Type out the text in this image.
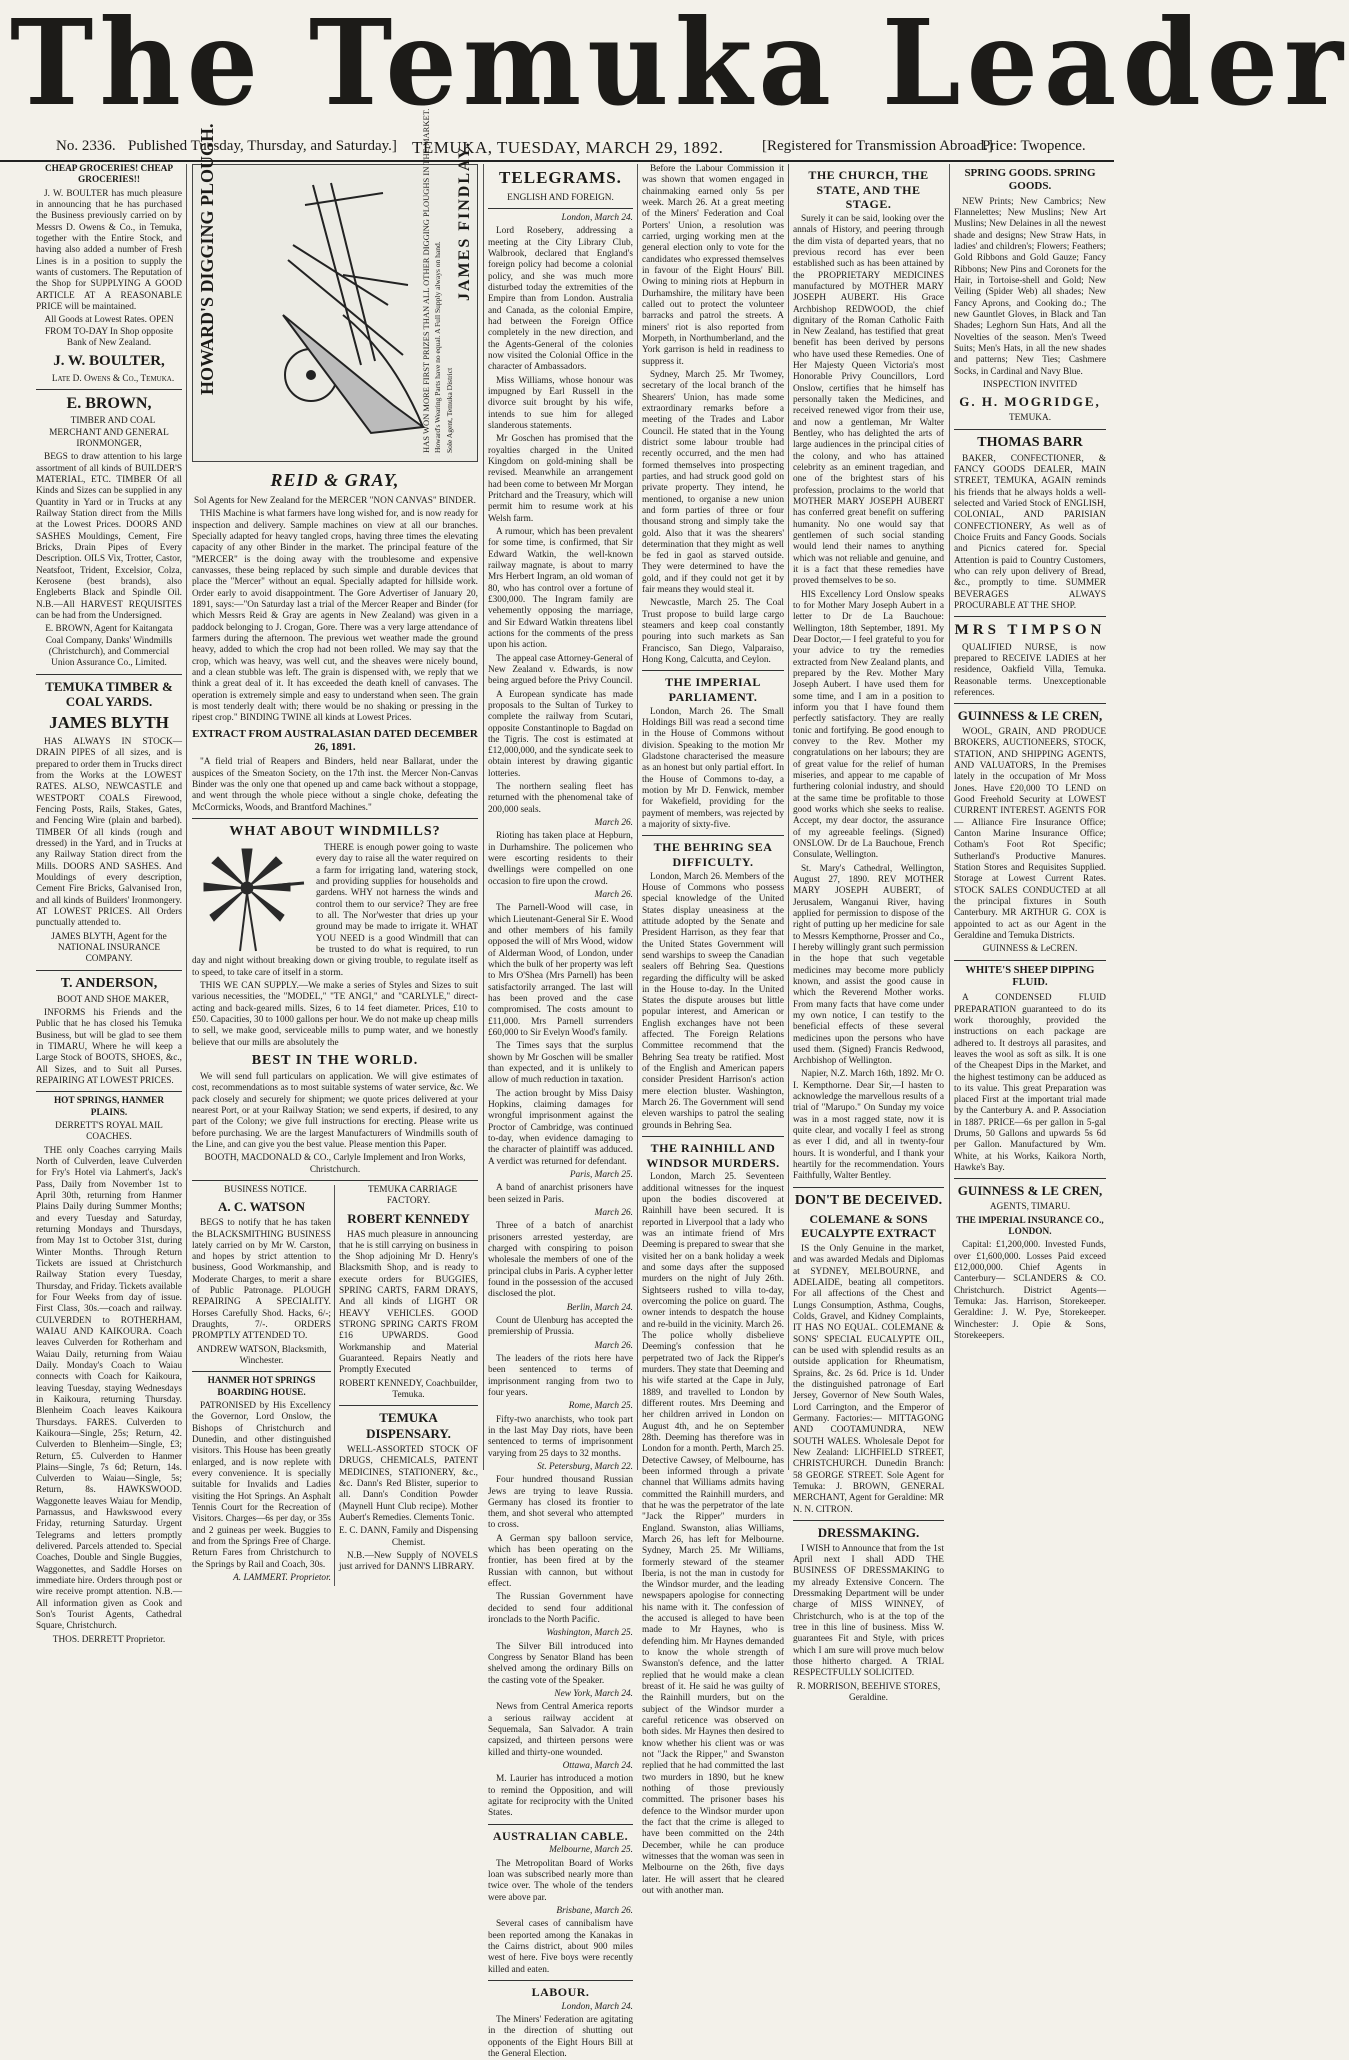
The Temuka Leader
No. 2336. Published Tuesday, Thursday, and Saturday.] TEMUKA, TUESDAY, MARCH 29, 1892.	[Registered for Transmission Abroad.]
Price: Twopence.

CHEAP GROCERIES! CHEAP GROCERIES!!

J. W. BOULTER has much pleasure in announcing that he has purchased the Business previously carried on by Messrs D. Owens & Co., in Temuka, together with the Entire Stock, and having also added a number of Fresh Lines is in a position to supply the wants of customers. The Reputation of the Shop for SUPPLYING A GOOD ARTICLE AT A REASONABLE PRICE will be maintained.

All Goods at Lowest Rates. OPEN FROM TO-DAY In Shop opposite Bank of New Zealand.

J. W. BOULTER,

Late D. Owens & Co., Temuka.

E. BROWN,

TIMBER AND COAL MERCHANT AND GENERAL IRONMONGER,

BEGS to draw attention to his large assortment of all kinds of BUILDER'S MATERIAL, ETC. TIMBER Of all Kinds and Sizes can be supplied in any Quantity in Yard or in Trucks at any Railway Station direct from the Mills at the Lowest Prices. DOORS AND SASHES Mouldings, Cement, Fire Bricks, Drain Pipes of Every Description. OILS Vix, Trotter, Castor, Neatsfoot, Trident, Excelsior, Colza, Kerosene (best brands), also Engleberts Black and Spindle Oil. N.B.—All HARVEST REQUISITES can be had from the Undersigned.

E. BROWN, Agent for Kaitangata Coal Company, Danks' Windmills (Christchurch), and Commercial Union Assurance Co., Limited.

TEMUKA TIMBER & COAL YARDS.
JAMES BLYTH

HAS ALWAYS IN STOCK— DRAIN PIPES of all sizes, and is prepared to order them in Trucks direct from the Works at the LOWEST RATES. ALSO, NEWCASTLE and WESTPORT COALS Firewood, Fencing Posts, Rails, Stakes, Gates, and Fencing Wire (plain and barbed). TIMBER Of all kinds (rough and dressed) in the Yard, and in Trucks at any Railway Station direct from the Mills. DOORS AND SASHES. And Mouldings of every description, Cement Fire Bricks, Galvanised Iron, and all kinds of Builders' Ironmongery. AT LOWEST PRICES. All Orders punctually attended to.

JAMES BLYTH, Agent for the NATIONAL INSURANCE COMPANY.

T. ANDERSON,

BOOT AND SHOE MAKER,

INFORMS his Friends and the Public that he has closed his Temuka Business, but will be glad to see them in TIMARU, Where he will keep a Large Stock of BOOTS, SHOES, &c., All Sizes, and to Suit all Purses. REPAIRING AT LOWEST PRICES.

HOT SPRINGS, HANMER PLAINS.

DERRETT'S ROYAL MAIL COACHES.

THE only Coaches carrying Mails North of Culverden, leave Culverden for Fry's Hotel via Lahmert's, Jack's Pass, Daily from November 1st to April 30th, returning from Hanmer Plains Daily during Summer Months; and every Tuesday and Saturday, returning Mondays and Thursdays, from May 1st to October 31st, during Winter Months. Through Return Tickets are issued at Christchurch Railway Station every Tuesday, Thursday, and Friday. Tickets available for Four Weeks from day of issue. First Class, 30s.—coach and railway. CULVERDEN to ROTHERHAM, WAIAU AND KAIKOURA. Coach leaves Culverden for Rotherham and Waiau Daily, returning from Waiau Daily. Monday's Coach to Waiau connects with Coach for Kaikoura, leaving Tuesday, staying Wednesdays in Kaikoura, returning Thursday. Blenheim Coach leaves Kaikoura Thursdays. FARES. Culverden to Kaikoura—Single, 25s; Return, 42. Culverden to Blenheim—Single, £3; Return, £5. Culverden to Hanmer Plains—Single, 7s 6d; Return, 14s. Culverden to Waiau—Single, 5s; Return, 8s. HAWKSWOOD. Waggonette leaves Waiau for Mendip, Parnassus, and Hawkswood every Friday, returning Saturday. Urgent Telegrams and letters promptly delivered. Parcels attended to. Special Coaches, Double and Single Buggies, Waggonettes, and Saddle Horses on immediate hire. Orders through post or wire receive prompt attention. N.B.—All information given as Cook and Son's Tourist Agents, Cathedral Square, Christchurch.

THOS. DERRETT Proprietor.

HOWARD'S DIGGING PLOUGH.	HAS WON MORE FIRST PRIZES THAN ALL OTHER DIGGING PLOUGHS IN THE MARKET. Howard's Wearing Parts have no equal. A Full Supply always on hand. Sole Agent, Temuka District
JAMES FINDLAY.
REID & GRAY,

Sol Agents for New Zealand for the MERCER "NON CANVAS" BINDER.

THIS Machine is what farmers have long wished for, and is now ready for inspection and delivery. Sample machines on view at all our branches. Specially adapted for heavy tangled crops, having three times the elevating capacity of any other Binder in the market. The principal feature of the "MERCER" is the doing away with the troublesome and expensive canvasses, these being replaced by such simple and durable devices that place the "Mercer" without an equal. Specially adapted for hillside work. Order early to avoid disappointment. The Gore Advertiser of January 20, 1891, says:—"On Saturday last a trial of the Mercer Reaper and Binder (for which Messrs Reid & Gray are agents in New Zealand) was given in a paddock belonging to J. Crogan, Gore. There was a very large attendance of farmers during the afternoon. The previous wet weather made the ground heavy, added to which the crop had not been rolled. We may say that the crop, which was heavy, was well cut, and the sheaves were nicely bound, and a clean stubble was left. The grain is dispensed with, we reply that we think a great deal of it. It has exceeded the death knell of canvases. The operation is extremely simple and easy to understand when seen. The grain is most tenderly dealt with; there would be no shaking or pressing in the ripest crop." BINDING TWINE all kinds at Lowest Prices.

EXTRACT FROM AUSTRALASIAN DATED DECEMBER 26, 1891.

"A field trial of Reapers and Binders, held near Ballarat, under the auspices of the Smeaton Society, on the 17th inst. the Mercer Non-Canvas Binder was the only one that opened up and came back without a stoppage, and went through the whole piece without a single choke, defeating the McCormicks, Woods, and Brantford Machines."

WHAT ABOUT WINDMILLS?

THERE is enough power going to waste every day to raise all the water required on a farm for irrigating land, watering stock, and providing supplies for households and gardens. WHY not harness the winds and control them to our service? They are free to all. The Nor'wester that dries up your ground may be made to irrigate it. WHAT YOU NEED is a good Windmill that can be trusted to do what is required, to run day and night without breaking down or giving trouble, to regulate itself as to speed, to take care of itself in a storm.

THIS WE CAN SUPPLY.—We make a series of Styles and Sizes to suit various necessities, the "MODEL," "TE ANGI," and "CARLYLE," direct-acting and back-geared mills. Sizes, 6 to 14 feet diameter. Prices, £10 to £50. Capacities, 30 to 1000 gallons per hour. We do not make up cheap mills to sell, we make good, serviceable mills to pump water, and we honestly believe that our mills are absolutely the

BEST IN THE WORLD.

We will send full particulars on application. We will give estimates of cost, recommendations as to most suitable systems of water service, &c. We pack closely and securely for shipment; we quote prices delivered at your nearest Port, or at your Railway Station; we send experts, if desired, to any part of the Colony; we give full instructions for erecting. Please write us before purchasing. We are the largest Manufacturers of Windmills south of the Line, and can give you the best value. Please mention this Paper.

BOOTH, MACDONALD & CO., Carlyle Implement and Iron Works, Christchurch.

BUSINESS NOTICE.

A. C. WATSON

BEGS to notify that he has taken the BLACKSMITHING BUSINESS lately carried on by Mr W. Carston, and hopes by strict attention to business, Good Workmanship, and Moderate Charges, to merit a share of Public Patronage. PLOUGH REPAIRING A SPECIALITY. Horses Carefully Shod. Hacks, 6/-; Draughts, 7/-. ORDERS PROMPTLY ATTENDED TO.

ANDREW WATSON, Blacksmith, Winchester.

HANMER HOT SPRINGS BOARDING HOUSE.

PATRONISED by His Excellency the Governor, Lord Onslow, the Bishops of Christchurch and Dunedin, and other distinguished visitors. This House has been greatly enlarged, and is now replete with every convenience. It is specially suitable for Invalids and Ladies visiting the Hot Springs. An Asphalt Tennis Court for the Recreation of Visitors. Charges—6s per day, or 35s and 2 guineas per week. Buggies to and from the Springs Free of Charge. Return Fares from Christchurch to the Springs by Rail and Coach, 30s.

A. LAMMERT. Proprietor.

TEMUKA CARRIAGE FACTORY.

ROBERT KENNEDY

HAS much pleasure in announcing that he is still carrying on business in the Shop adjoining Mr D. Henry's Blacksmith Shop, and is ready to execute orders for BUGGIES, SPRING CARTS, FARM DRAYS, And all kinds of LIGHT OR HEAVY VEHICLES. GOOD STRONG SPRING CARTS FROM £16 UPWARDS. Good Workmanship and Material Guaranteed. Repairs Neatly and Promptly Executed

ROBERT KENNEDY, Coachbuilder, Temuka.

TEMUKA DISPENSARY.

WELL-ASSORTED STOCK OF DRUGS, CHEMICALS, PATENT MEDICINES, STATIONERY, &c., &c. Dann's Red Blister, superior to all. Dann's Condition Powder (Maynell Hunt Club recipe). Mother Aubert's Remedies. Clements Tonic.

E. C. DANN, Family and Dispensing Chemist.

N.B.—New Supply of NOVELS just arrived for DANN'S LIBRARY.

TELEGRAMS.

ENGLISH AND FOREIGN.

London, March 24.

Lord Rosebery, addressing a meeting at the City Library Club, Walbrook, declared that England's foreign policy had become a colonial policy, and she was much more disturbed today the extremities of the Empire than from London. Australia and Canada, as the colonial Empire, had between the Foreign Office completely in the new direction, and the Agents-General of the colonies now visited the Colonial Office in the character of Ambassadors.

Miss Williams, whose honour was impugned by Earl Russell in the divorce suit brought by his wife, intends to sue him for alleged slanderous statements.

Mr Goschen has promised that the royalties charged in the United Kingdom on gold-mining shall be revised. Meanwhile an arrangement had been come to between Mr Morgan Pritchard and the Treasury, which will permit him to resume work at his Welsh farm.

A rumour, which has been prevalent for some time, is confirmed, that Sir Edward Watkin, the well-known railway magnate, is about to marry Mrs Herbert Ingram, an old woman of 80, who has control over a fortune of £300,000. The Ingram family are vehemently opposing the marriage, and Sir Edward Watkin threatens libel actions for the comments of the press upon his action.

The appeal case Attorney-General of New Zealand v. Edwards, is now being argued before the Privy Council.

A European syndicate has made proposals to the Sultan of Turkey to complete the railway from Scutari, opposite Constantinople to Bagdad on the Tigris. The cost is estimated at £12,000,000, and the syndicate seek to obtain interest by drawing gigantic lotteries.

The northern sealing fleet has returned with the phenomenal take of 200,000 seals.

March 26.

Rioting has taken place at Hepburn, in Durhamshire. The policemen who were escorting residents to their dwellings were compelled on one occasion to fire upon the crowd.

March 26.

The Parnell-Wood will case, in which Lieutenant-General Sir E. Wood and other members of his family opposed the will of Mrs Wood, widow of Alderman Wood, of London, under which the bulk of her property was left to Mrs O'Shea (Mrs Parnell) has been satisfactorily arranged. The last will has been proved and the case compromised. The costs amount to £11,000. Mrs Parnell surrenders £60,000 to Sir Evelyn Wood's family.

The Times says that the surplus shown by Mr Goschen will be smaller than expected, and it is unlikely to allow of much reduction in taxation.

The action brought by Miss Daisy Hopkins, claiming damages for wrongful imprisonment against the Proctor of Cambridge, was continued to-day, when evidence damaging to the character of plaintiff was adduced. A verdict was returned for defendant.

Paris, March 25.

A band of anarchist prisoners have been seized in Paris.

March 26.

Three of a batch of anarchist prisoners arrested yesterday, are charged with conspiring to poison wholesale the members of one of the principal clubs in Paris. A cypher letter found in the possession of the accused disclosed the plot.

Berlin, March 24.

Count de Ulenburg has accepted the premiership of Prussia.

March 26.

The leaders of the riots here have been sentenced to terms of imprisonment ranging from two to four years.

Rome, March 25.

Fifty-two anarchists, who took part in the last May Day riots, have been sentenced to terms of imprisonment varying from 25 days to 32 months.

St. Petersburg, March 22.

Four hundred thousand Russian Jews are trying to leave Russia. Germany has closed its frontier to them, and shot several who attempted to cross.

A German spy balloon service, which has been operating on the frontier, has been fired at by the Russian with cannon, but without effect.

The Russian Government have decided to send four additional ironclads to the North Pacific.

Washington, March 25.

The Silver Bill introduced into Congress by Senator Bland has been shelved among the ordinary Bills on the casting vote of the Speaker.

New York, March 24.

News from Central America reports a serious railway accident at Sequemala, San Salvador. A train capsized, and thirteen persons were killed and thirty-one wounded.

Ottawa, March 24.

M. Laurier has introduced a motion to remind the Opposition, and will agitate for reciprocity with the United States.

AUSTRALIAN CABLE.

Melbourne, March 25.

The Metropolitan Board of Works loan was subscribed nearly more than twice over. The whole of the tenders were above par.

Brisbane, March 26.

Several cases of cannibalism have been reported among the Kanakas in the Cairns district, about 900 miles west of here. Five boys were recently killed and eaten.

LABOUR.

London, March 24.

The Miners' Federation are agitating in the direction of shutting out opponents of the Eight Hours Bill at the General Election.

Before the Labour Commission it was shown that women engaged in chainmaking earned only 5s per week. March 26. At a great meeting of the Miners' Federation and Coal Porters' Union, a resolution was carried, urging working men at the general election only to vote for the candidates who expressed themselves in favour of the Eight Hours' Bill. Owing to mining riots at Hepburn in Durhamshire, the military have been called out to protect the volunteer barracks and patrol the streets. A miners' riot is also reported from Morpeth, in Northumberland, and the York garrison is held in readiness to suppress it.

Sydney, March 25. Mr Twomey, secretary of the local branch of the Shearers' Union, has made some extraordinary remarks before a meeting of the Trades and Labor Council. He stated that in the Young district some labour trouble had recently occurred, and the men had formed themselves into prospecting parties, and had struck good gold on private property. They intend, he mentioned, to organise a new union and form parties of three or four thousand strong and simply take the gold. Also that it was the shearers' determination that they might as well be fed in gaol as starved outside. They were determined to have the gold, and if they could not get it by fair means they would steal it.

Newcastle, March 25. The Coal Trust propose to build large cargo steamers and keep coal constantly pouring into such markets as San Francisco, San Diego, Valparaiso, Hong Kong, Calcutta, and Ceylon.

THE IMPERIAL PARLIAMENT.

London, March 26. The Small Holdings Bill was read a second time in the House of Commons without division. Speaking to the motion Mr Gladstone characterised the measure as an honest but only partial effort. In the House of Commons to-day, a motion by Mr D. Fenwick, member for Wakefield, providing for the payment of members, was rejected by a majority of sixty-five.

THE BEHRING SEA DIFFICULTY.

London, March 26. Members of the House of Commons who possess special knowledge of the United States display uneasiness at the attitude adopted by the Senate and President Harrison, as they fear that the United States Government will send warships to sweep the Canadian sealers off Behring Sea. Questions regarding the difficulty will be asked in the House to-day. In the United States the dispute arouses but little popular interest, and American or English exchanges have not been affected. The Foreign Relations Committee recommend that the Behring Sea treaty be ratified. Most of the English and American papers consider President Harrison's action mere election bluster. Washington, March 26. The Government will send eleven warships to patrol the sealing grounds in Behring Sea.

THE RAINHILL AND WINDSOR MURDERS.

London, March 25. Seventeen additional witnesses for the inquest upon the bodies discovered at Rainhill have been secured. It is reported in Liverpool that a lady who was an intimate friend of Mrs Deeming is prepared to swear that she visited her on a bank holiday a week and some days after the supposed murders on the night of July 26th. Sightseers rushed to villa to-day, overcoming the police on guard. The owner intends to despatch the house and re-build in the vicinity. March 26. The police wholly disbelieve Deeming's confession that he perpetrated two of Jack the Ripper's murders. They state that Deeming and his wife started at the Cape in July, 1889, and travelled to London by different routes. Mrs Deeming and her children arrived in London on August 4th, and he on September 28th. Deeming has therefore was in London for a month. Perth, March 25. Detective Cawsey, of Melbourne, has been informed through a private channel that Williams admits having committed the Rainhill murders, and that he was the perpetrator of the late "Jack the Ripper" murders in England. Swanston, alias Williams, March 26, has left for Melbourne. Sydney, March 25. Mr Williams, formerly steward of the steamer Iberia, is not the man in custody for the Windsor murder, and the leading newspapers apologise for connecting his name with it. The confession of the accused is alleged to have been made to Mr Haynes, who is defending him. Mr Haynes demanded to know the whole strength of Swanston's defence, and the latter replied that he would make a clean breast of it. He said he was guilty of the Rainhill murders, but on the subject of the Windsor murder a careful reticence was observed on both sides. Mr Haynes then desired to know whether his client was or was not "Jack the Ripper," and Swanston replied that he had committed the last two murders in 1890, but he knew nothing of those previously committed. The prisoner bases his defence to the Windsor murder upon the fact that the crime is alleged to have been committed on the 24th December, while he can produce witnesses that the woman was seen in Melbourne on the 26th, five days later. He will assert that he cleared out with another man.

THE CHURCH, THE STATE, AND THE STAGE.

Surely it can be said, looking over the annals of History, and peering through the dim vista of departed years, that no previous record has ever been established such as has been attained by the PROPRIETARY MEDICINES manufactured by MOTHER MARY JOSEPH AUBERT. His Grace Archbishop REDWOOD, the chief dignitary of the Roman Catholic Faith in New Zealand, has testified that great benefit has been derived by persons who have used these Remedies. One of Her Majesty Queen Victoria's most Honorable Privy Councillors, Lord Onslow, certifies that he himself has personally taken the Medicines, and received renewed vigor from their use, and now a gentleman, Mr Walter Bentley, who has delighted the arts of large audiences in the principal cities of the colony, and who has attained celebrity as an eminent tragedian, and one of the brightest stars of his profession, proclaims to the world that MOTHER MARY JOSEPH AUBERT has conferred great benefit on suffering humanity. No one would say that gentlemen of such social standing would lend their names to anything which was not reliable and genuine, and it is a fact that these remedies have proved themselves to be so.

HIS Excellency Lord Onslow speaks to for Mother Mary Joseph Aubert in a letter to Dr de La Bauchoue: Wellington, 18th September, 1891. My Dear Doctor,— I feel grateful to you for your advice to try the remedies extracted from New Zealand plants, and prepared by the Rev. Mother Mary Joseph Aubert. I have used them for some time, and I am in a position to inform you that I have found them perfectly satisfactory. They are really tonic and fortifying. Be good enough to convey to the Rev. Mother my congratulations on her labours; they are of great value for the relief of human miseries, and appear to me capable of furthering colonial industry, and should at the same time be profitable to those good works which she seeks to realise. Accept, my dear doctor, the assurance of my agreeable feelings. (Signed) ONSLOW. Dr de La Bauchoue, French Consulate, Wellington.

St. Mary's Cathedral, Wellington, August 27, 1890. REV MOTHER MARY JOSEPH AUBERT, of Jerusalem, Wanganui River, having applied for permission to dispose of the right of putting up her medicine for sale to Messrs Kempthorne, Prosser and Co., I hereby willingly grant such permission in the hope that such vegetable medicines may become more publicly known, and assist the good cause in which the Reverend Mother works. From many facts that have come under my own notice, I can testify to the beneficial effects of these several medicines upon the persons who have used them. (Signed) Francis Redwood, Archbishop of Wellington.

Napier, N.Z. March 16th, 1892. Mr O. I. Kempthorne. Dear Sir,—I hasten to acknowledge the marvellous results of a trial of "Marupo." On Sunday my voice was in a most ragged state, now it is quite clear, and vocally I feel as strong as ever I did, and all in twenty-four hours. It is wonderful, and I thank your heartily for the recommendation. Yours Faithfully, Walter Bentley.

DON'T BE DECEIVED.
COLEMANE & SONS EUCALYPTE EXTRACT

IS the Only Genuine in the market, and was awarded Medals and Diplomas at SYDNEY, MELBOURNE, and ADELAIDE, beating all competitors. For all affections of the Chest and Lungs Consumption, Asthma, Coughs, Colds, Gravel, and Kidney Complaints, IT HAS NO EQUAL. COLEMANE & SONS' SPECIAL EUCALYPTE OIL, can be used with splendid results as an outside application for Rheumatism, Sprains, &c. 2s 6d. Price is 1d. Under the distinguished patronage of Earl Jersey, Governor of New South Wales, Lord Carrington, and the Emperor of Germany. Factories:— MITTAGONG AND COOTAMUNDRA, NEW SOUTH WALES. Wholesale Depot for New Zealand: LICHFIELD STREET, CHRISTCHURCH. Dunedin Branch: 58 GEORGE STREET. Sole Agent for Temuka: J. BROWN, GENERAL MERCHANT, Agent for Geraldine: MR N. N. CITRON.

DRESSMAKING.

I WISH to Announce that from the 1st April next I shall ADD THE BUSINESS OF DRESSMAKING to my already Extensive Concern. The Dressmaking Department will be under charge of MISS WINNEY, of Christchurch, who is at the top of the tree in this line of business. Miss W. guarantees Fit and Style, with prices which I am sure will prove much below those hitherto charged. A TRIAL RESPECTFULLY SOLICITED.

R. MORRISON, BEEHIVE STORES, Geraldine.

SPRING GOODS. SPRING GOODS.

NEW Prints; New Cambrics; New Flannelettes; New Muslins; New Art Muslins; New Delaines in all the newest shade and designs; New Straw Hats, in ladies' and children's; Flowers; Feathers; Gold Ribbons and Gold Gauze; Fancy Ribbons; New Pins and Coronets for the Hair, in Tortoise-shell and Gold; New Veiling (Spider Web) all shades; New Fancy Aprons, and Cooking do.; The new Gauntlet Gloves, in Black and Tan Shades; Leghorn Sun Hats, And all the Novelties of the season. Men's Tweed Suits; Men's Hats, in all the new shades and patterns; New Ties; Cashmere Socks, in Cardinal and Navy Blue.

INSPECTION INVITED

G. H. MOGRIDGE,

TEMUKA.

THOMAS BARR

BAKER, CONFECTIONER, & FANCY GOODS DEALER, MAIN STREET, TEMUKA, AGAIN reminds his friends that he always holds a well-selected and Varied Stock of ENGLISH, COLONIAL, AND PARISIAN CONFECTIONERY, As well as of Choice Fruits and Fancy Goods. Socials and Picnics catered for. Special Attention is paid to Country Customers, who can rely upon delivery of Bread, &c., promptly to time. SUMMER BEVERAGES ALWAYS PROCURABLE AT THE SHOP.

MRS TIMPSON

QUALIFIED NURSE, is now prepared to RECEIVE LADIES at her residence, Oakfield Villa, Temuka. Reasonable terms. Unexceptionable references.

GUINNESS & LE CREN,

WOOL, GRAIN, AND PRODUCE BROKERS, AUCTIONEERS, STOCK, STATION, AND SHIPPING AGENTS, AND VALUATORS, In the Premises lately in the occupation of Mr Moss Jones. Have £20,000 TO LEND on Good Freehold Security at LOWEST CURRENT INTEREST. AGENTS FOR— Alliance Fire Insurance Office; Canton Marine Insurance Office; Cotham's Foot Rot Specific; Sutherland's Productive Manures. Station Stores and Requisites Supplied. Storage at Lowest Current Rates. STOCK SALES CONDUCTED at all the principal fixtures in South Canterbury. MR ARTHUR G. COX is appointed to act as our Agent in the Geraldine and Temuka Districts.

GUINNESS & LeCREN.

WHITE'S SHEEP DIPPING FLUID.

A CONDENSED FLUID PREPARATION guaranteed to do its work thoroughly, provided the instructions on each package are adhered to. It destroys all parasites, and leaves the wool as soft as silk. It is one of the Cheapest Dips in the Market, and the highest testimony can be adduced as to its value. This great Preparation was placed First at the important trial made by the Canterbury A. and P. Association in 1887. PRICE—6s per gallon in 5-gal Drums, 50 Gallons and upwards 5s 6d per Gallon. Manufactured by Wm. White, at his Works, Kaikora North, Hawke's Bay.

GUINNESS & LE CREN,

AGENTS, TIMARU.

THE IMPERIAL INSURANCE CO., LONDON.

Capital: £1,200,000. Invested Funds, over £1,600,000. Losses Paid exceed £12,000,000. Chief Agents in Canterbury— SCLANDERS & CO. Christchurch. District Agents— Temuka: Jas. Harrison, Storekeeper. Geraldine: J. W. Pye, Storekeeper. Winchester: J. Opie & Sons, Storekeepers.
